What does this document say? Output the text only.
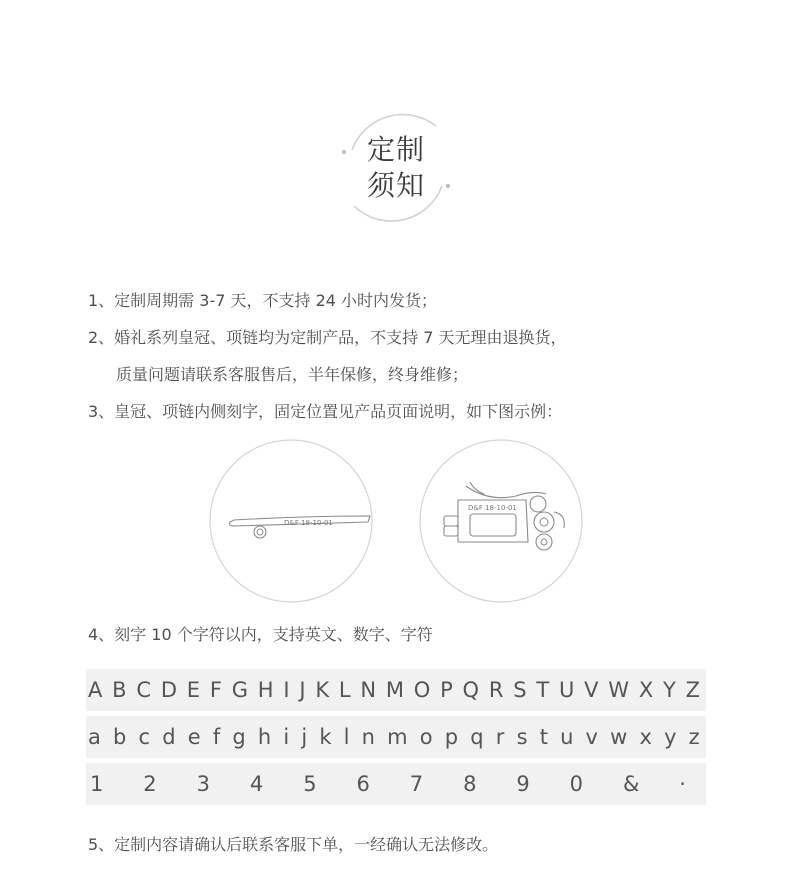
定制
须知
1、定制周期需 3-7 天，不支持 24 小时内发货；
2、婚礼系列皇冠、项链均为定制产品，不支持 7 天无理由退换货，
质量问题请联系客服售后，半年保修，终身维修；
3、皇冠、项链内侧刻字，固定位置见产品页面说明，如下图示例：
D&F 18-10-01
D&F 18-10-01
4、刻字 10 个字符以内，支持英文、数字、字符
A B C D E F G H I J K L N M O P Q R S T U V W X Y Z
a b c d e f g h i j k l n m o p q r s t u v w x y z
1 2 3 4 5 6 7 8 9 0 & ·
5、定制内容请确认后联系客服下单，一经确认无法修改。
